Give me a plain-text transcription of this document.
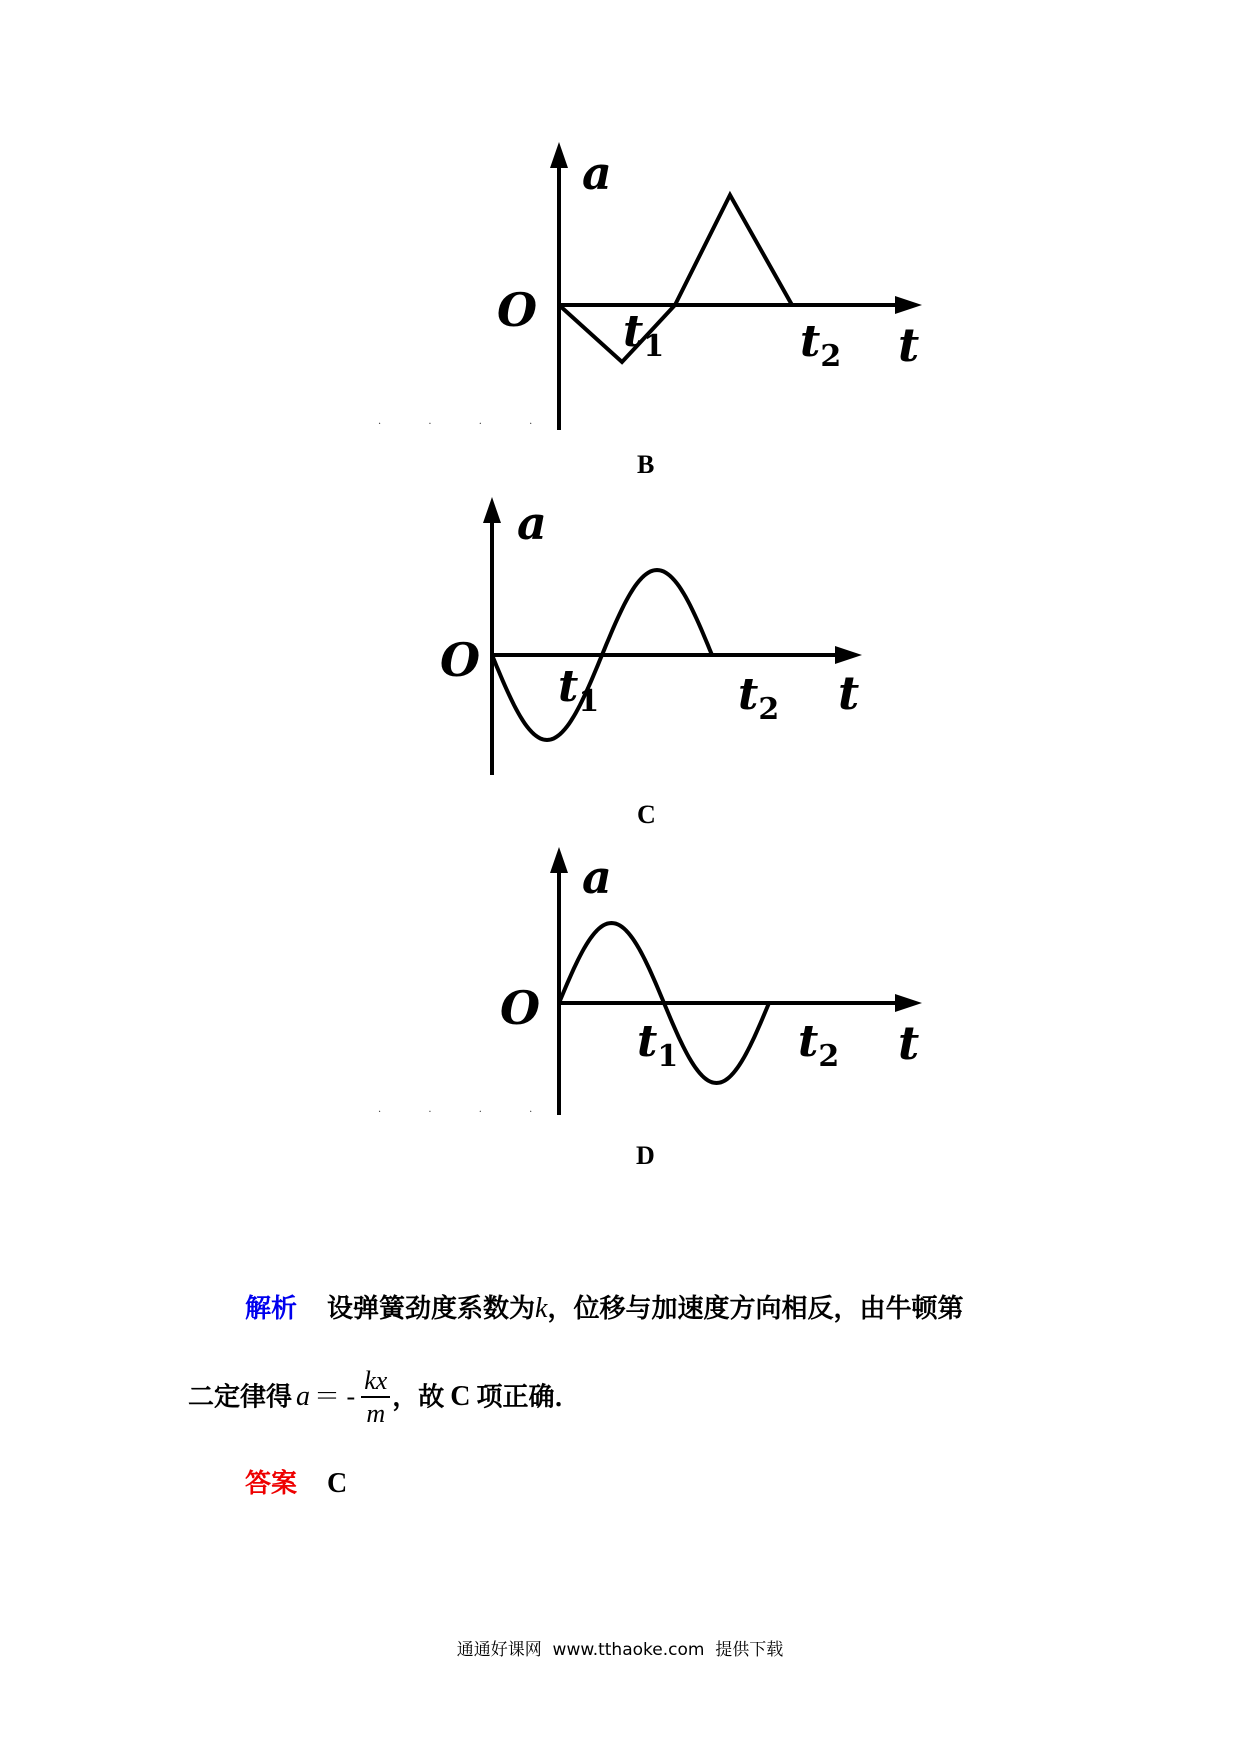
a
O $t_1$	$t_2$ t
· · · ·
B
a
O $t_1$	$t_2$ t
C
a
O
$t_1$	$t_2$ t
· · · ·
D
解析 设弹簧劲度系数为k，位移与加速度方向相反，由牛顿第
二定律得 a ＝ - $\frac{kx}{m}$ ，故 C 项正确．
答案 C
通通好课网  www.tthaoke.com  提供下载
